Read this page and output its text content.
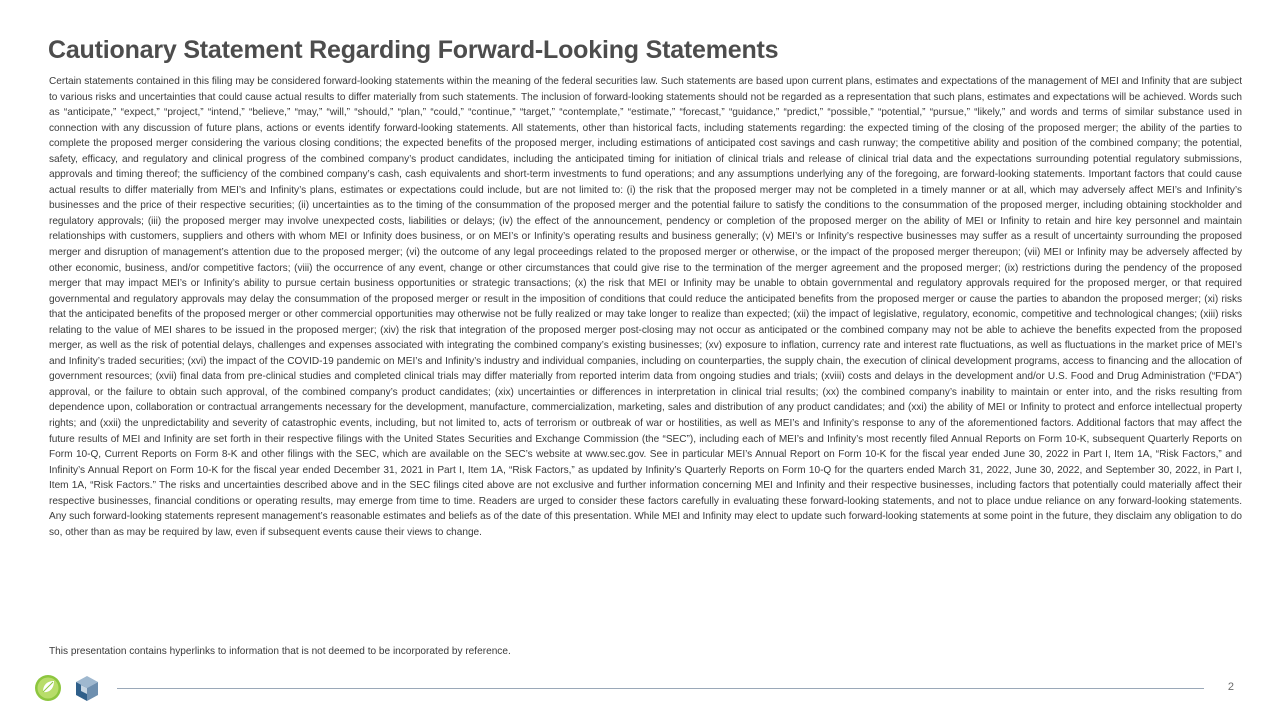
Cautionary Statement Regarding Forward-Looking Statements

Certain statements contained in this filing may be considered forward-looking statements within the meaning of the federal securities law. Such statements are based upon current plans, estimates and expectations of the management of MEI and Infinity that are subject to various risks and uncertainties that could cause actual results to differ materially from such statements. The inclusion of forward-looking statements should not be regarded as a representation that such plans, estimates and expectations will be achieved. Words such as “anticipate,” “expect,” “project,” “intend,” “believe,” “may,” “will,” “should,” “plan,” “could,” “continue,” “target,” “contemplate,” “estimate,” “forecast,” “guidance,” “predict,” “possible,” “potential,” “pursue,” “likely,” and words and terms of similar substance used in connection with any discussion of future plans, actions or events identify forward-looking statements. All statements, other than historical facts, including statements regarding: the expected timing of the closing of the proposed merger; the ability of the parties to complete the proposed merger considering the various closing conditions; the expected benefits of the proposed merger, including estimations of anticipated cost savings and cash runway; the competitive ability and position of the combined company; the potential, safety, efficacy, and regulatory and clinical progress of the combined company’s product candidates, including the anticipated timing for initiation of clinical trials and release of clinical trial data and the expectations surrounding potential regulatory submissions, approvals and timing thereof; the sufficiency of the combined company’s cash, cash equivalents and short-term investments to fund operations; and any assumptions underlying any of the foregoing, are forward-looking statements. Important factors that could cause actual results to differ materially from MEI’s and Infinity’s plans, estimates or expectations could include, but are not limited to: (i) the risk that the proposed merger may not be completed in a timely manner or at all, which may adversely affect MEI’s and Infinity’s businesses and the price of their respective securities; (ii) uncertainties as to the timing of the consummation of the proposed merger and the potential failure to satisfy the conditions to the consummation of the proposed merger, including obtaining stockholder and regulatory approvals; (iii) the proposed merger may involve unexpected costs, liabilities or delays; (iv) the effect of the announcement, pendency or completion of the proposed merger on the ability of MEI or Infinity to retain and hire key personnel and maintain relationships with customers, suppliers and others with whom MEI or Infinity does business, or on MEI’s or Infinity’s operating results and business generally; (v) MEI’s or Infinity’s respective businesses may suffer as a result of uncertainty surrounding the proposed merger and disruption of management’s attention due to the proposed merger; (vi) the outcome of any legal proceedings related to the proposed merger or otherwise, or the impact of the proposed merger thereupon; (vii) MEI or Infinity may be adversely affected by other economic, business, and/or competitive factors; (viii) the occurrence of any event, change or other circumstances that could give rise to the termination of the merger agreement and the proposed merger; (ix) restrictions during the pendency of the proposed merger that may impact MEI’s or Infinity’s ability to pursue certain business opportunities or strategic transactions; (x) the risk that MEI or Infinity may be unable to obtain governmental and regulatory approvals required for the proposed merger, or that required governmental and regulatory approvals may delay the consummation of the proposed merger or result in the imposition of conditions that could reduce the anticipated benefits from the proposed merger or cause the parties to abandon the proposed merger; (xi) risks that the anticipated benefits of the proposed merger or other commercial opportunities may otherwise not be fully realized or may take longer to realize than expected; (xii) the impact of legislative, regulatory, economic, competitive and technological changes; (xiii) risks relating to the value of MEI shares to be issued in the proposed merger; (xiv) the risk that integration of the proposed merger post-closing may not occur as anticipated or the combined company may not be able to achieve the benefits expected from the proposed merger, as well as the risk of potential delays, challenges and expenses associated with integrating the combined company’s existing businesses; (xv) exposure to inflation, currency rate and interest rate fluctuations, as well as fluctuations in the market price of MEI’s and Infinity’s traded securities; (xvi) the impact of the COVID-19 pandemic on MEI’s and Infinity’s industry and individual companies, including on counterparties, the supply chain, the execution of clinical development programs, access to financing and the allocation of government resources; (xvii) final data from pre-clinical studies and completed clinical trials may differ materially from reported interim data from ongoing studies and trials; (xviii) costs and delays in the development and/or U.S. Food and Drug Administration (“FDA”) approval, or the failure to obtain such approval, of the combined company’s product candidates; (xix) uncertainties or differences in interpretation in clinical trial results; (xx) the combined company’s inability to maintain or enter into, and the risks resulting from dependence upon, collaboration or contractual arrangements necessary for the development, manufacture, commercialization, marketing, sales and distribution of any product candidates; and (xxi) the ability of MEI or Infinity to protect and enforce intellectual property rights; and (xxii) the unpredictability and severity of catastrophic events, including, but not limited to, acts of terrorism or outbreak of war or hostilities, as well as MEI’s and Infinity’s response to any of the aforementioned factors. Additional factors that may affect the future results of MEI and Infinity are set forth in their respective filings with the United States Securities and Exchange Commission (the “SEC”), including each of MEI’s and Infinity’s most recently filed Annual Reports on Form 10-K, subsequent Quarterly Reports on Form 10-Q, Current Reports on Form 8-K and other filings with the SEC, which are available on the SEC’s website at www.sec.gov. See in particular MEI’s Annual Report on Form 10-K for the fiscal year ended June 30, 2022 in Part I, Item 1A, “Risk Factors,” and Infinity’s Annual Report on Form 10-K for the fiscal year ended December 31, 2021 in Part I, Item 1A, “Risk Factors,” as updated by Infinity’s Quarterly Reports on Form 10-Q for the quarters ended March 31, 2022, June 30, 2022, and September 30, 2022, in Part I, Item 1A, “Risk Factors.” The risks and uncertainties described above and in the SEC filings cited above are not exclusive and further information concerning MEI and Infinity and their respective businesses, including factors that potentially could materially affect their respective businesses, financial conditions or operating results, may emerge from time to time. Readers are urged to consider these factors carefully in evaluating these forward-looking statements, and not to place undue reliance on any forward-looking statements. Any such forward-looking statements represent management’s reasonable estimates and beliefs as of the date of this presentation. While MEI and Infinity may elect to update such forward-looking statements at some point in the future, they disclaim any obligation to do so, other than as may be required by law, even if subsequent events cause their views to change.

This presentation contains hyperlinks to information that is not deemed to be incorporated by reference.

2
